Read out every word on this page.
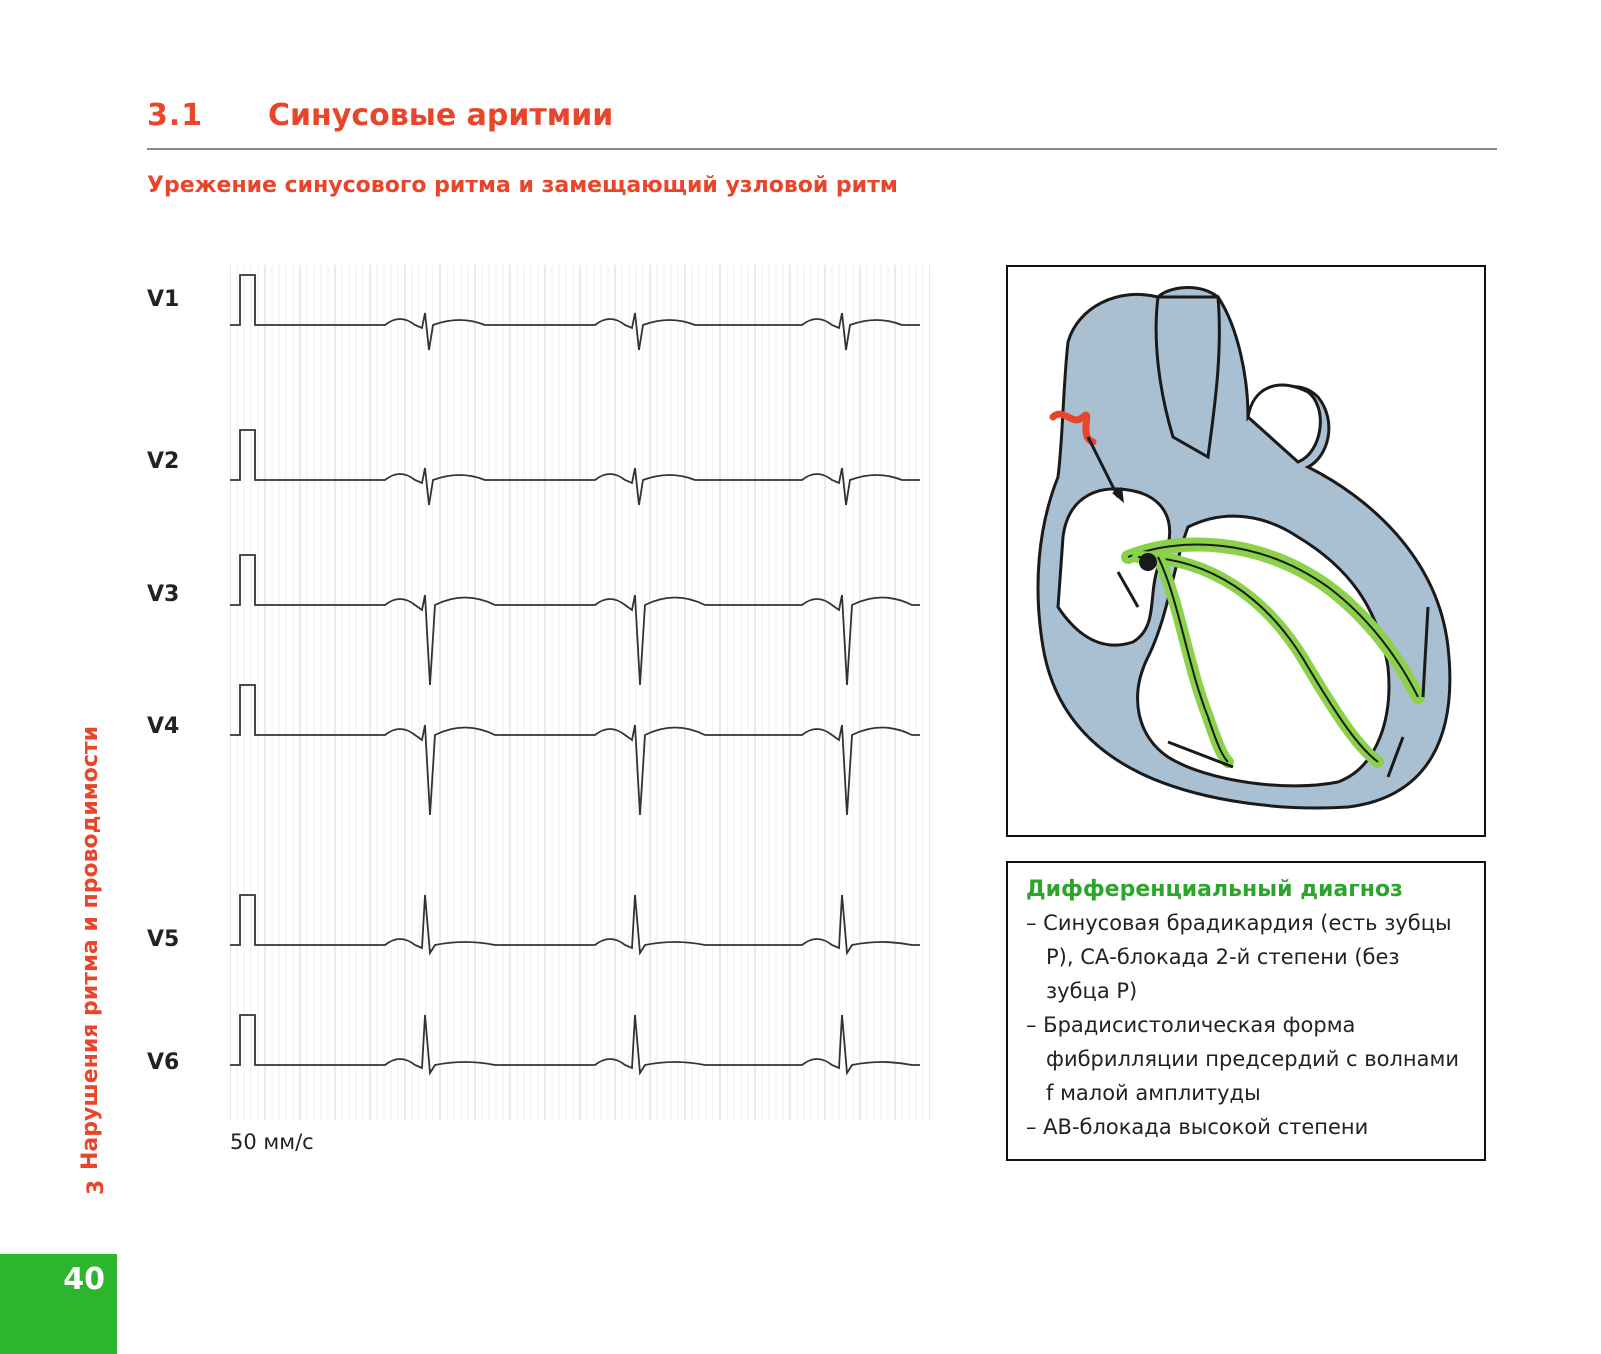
3.1 Синусовые аритмии
Урежение синусового ритма и замещающий узловой ритм
V1
V2
V3
V4
V5
V6
50 мм/с
Дифференциальный диагноз
– Синусовая брадикардия (есть зубцы P), СА-блокада 2-й степени (без зубца P)
– Брадисистолическая форма фибрилляции предсердий с волнами f малой амплитуды
– АВ-блокада высокой степени
3
Нарушения ритма и проводимости
40
